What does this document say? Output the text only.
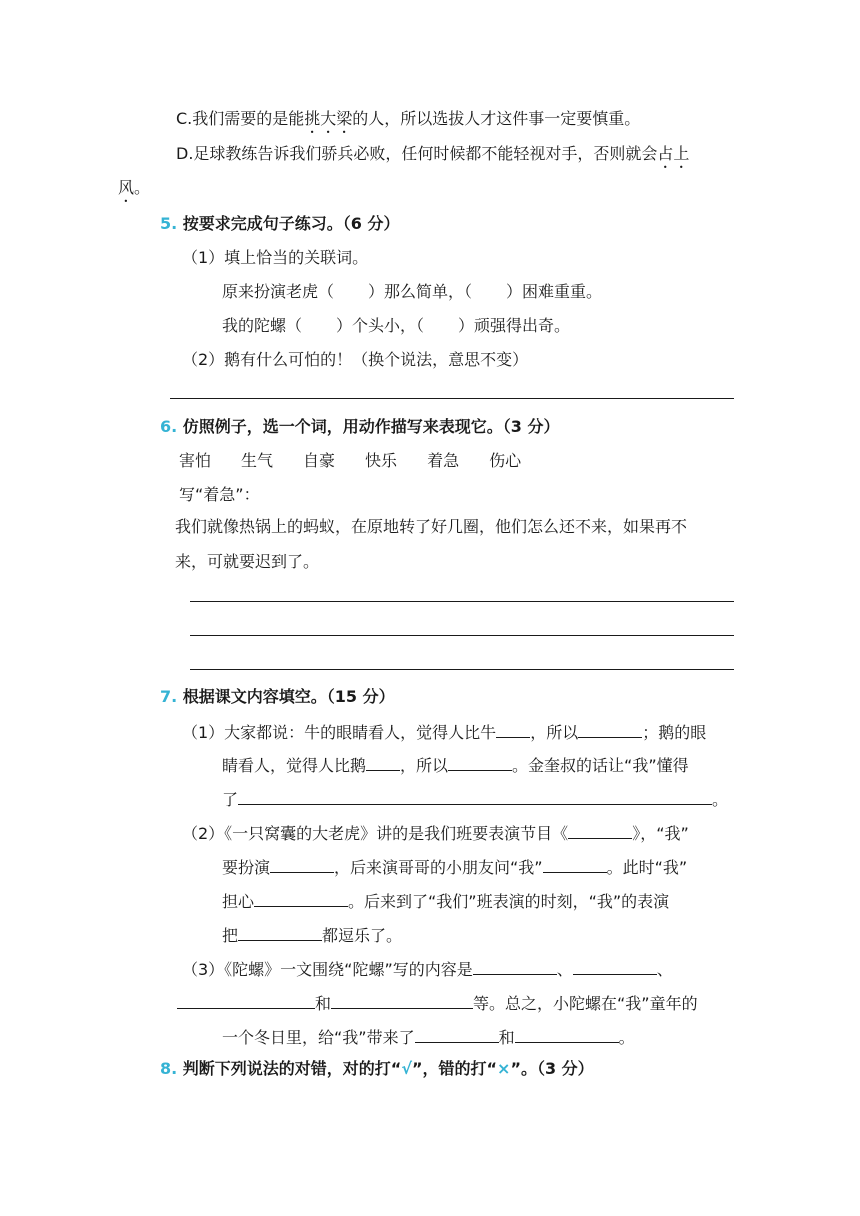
C.我们需要的是能挑大梁的人，所以选拔人才这件事一定要慎重。
D.足球教练告诉我们骄兵必败，任何时候都不能轻视对手，否则就会占上
风。
5. 按要求完成句子练习。（6 分）
（1）填上恰当的关联词。
原来扮演老虎（ ）那么简单，（ ）困难重重。
我的陀螺（ ）个头小，（ ）顽强得出奇。
（2）鹅有什么可怕的！（换个说法，意思不变）
6. 仿照例子，选一个词，用动作描写来表现它。（3 分）
害怕 生气 自豪 快乐 着急 伤心
写“着急”：
我们就像热锅上的蚂蚁，在原地转了好几圈，他们怎么还不来，如果再不
来，可就要迟到了。
7. 根据课文内容填空。（15 分）
（1）大家都说：牛的眼睛看人，觉得人比牛 ，所以	；鹅的眼
睛看人，觉得人比鹅 ，所以	。金奎叔的话让“我”懂得
了	。
（2）《一只窝囊的大老虎》讲的是我们班要表演节目《	》，“我”
要扮演	，后来演哥哥的小朋友问“我”	。此时“我”
担心	。后来到了“我们”班表演的时刻，“我”的表演
把	都逗乐了。
（3）《陀螺》一文围绕“陀螺”写的内容是	、	、
和	等。总之，小陀螺在“我”童年的
一个冬日里，给“我”带来了	和	。
8. 判断下列说法的对错，对的打“√”，错的打“×”。（3 分）
